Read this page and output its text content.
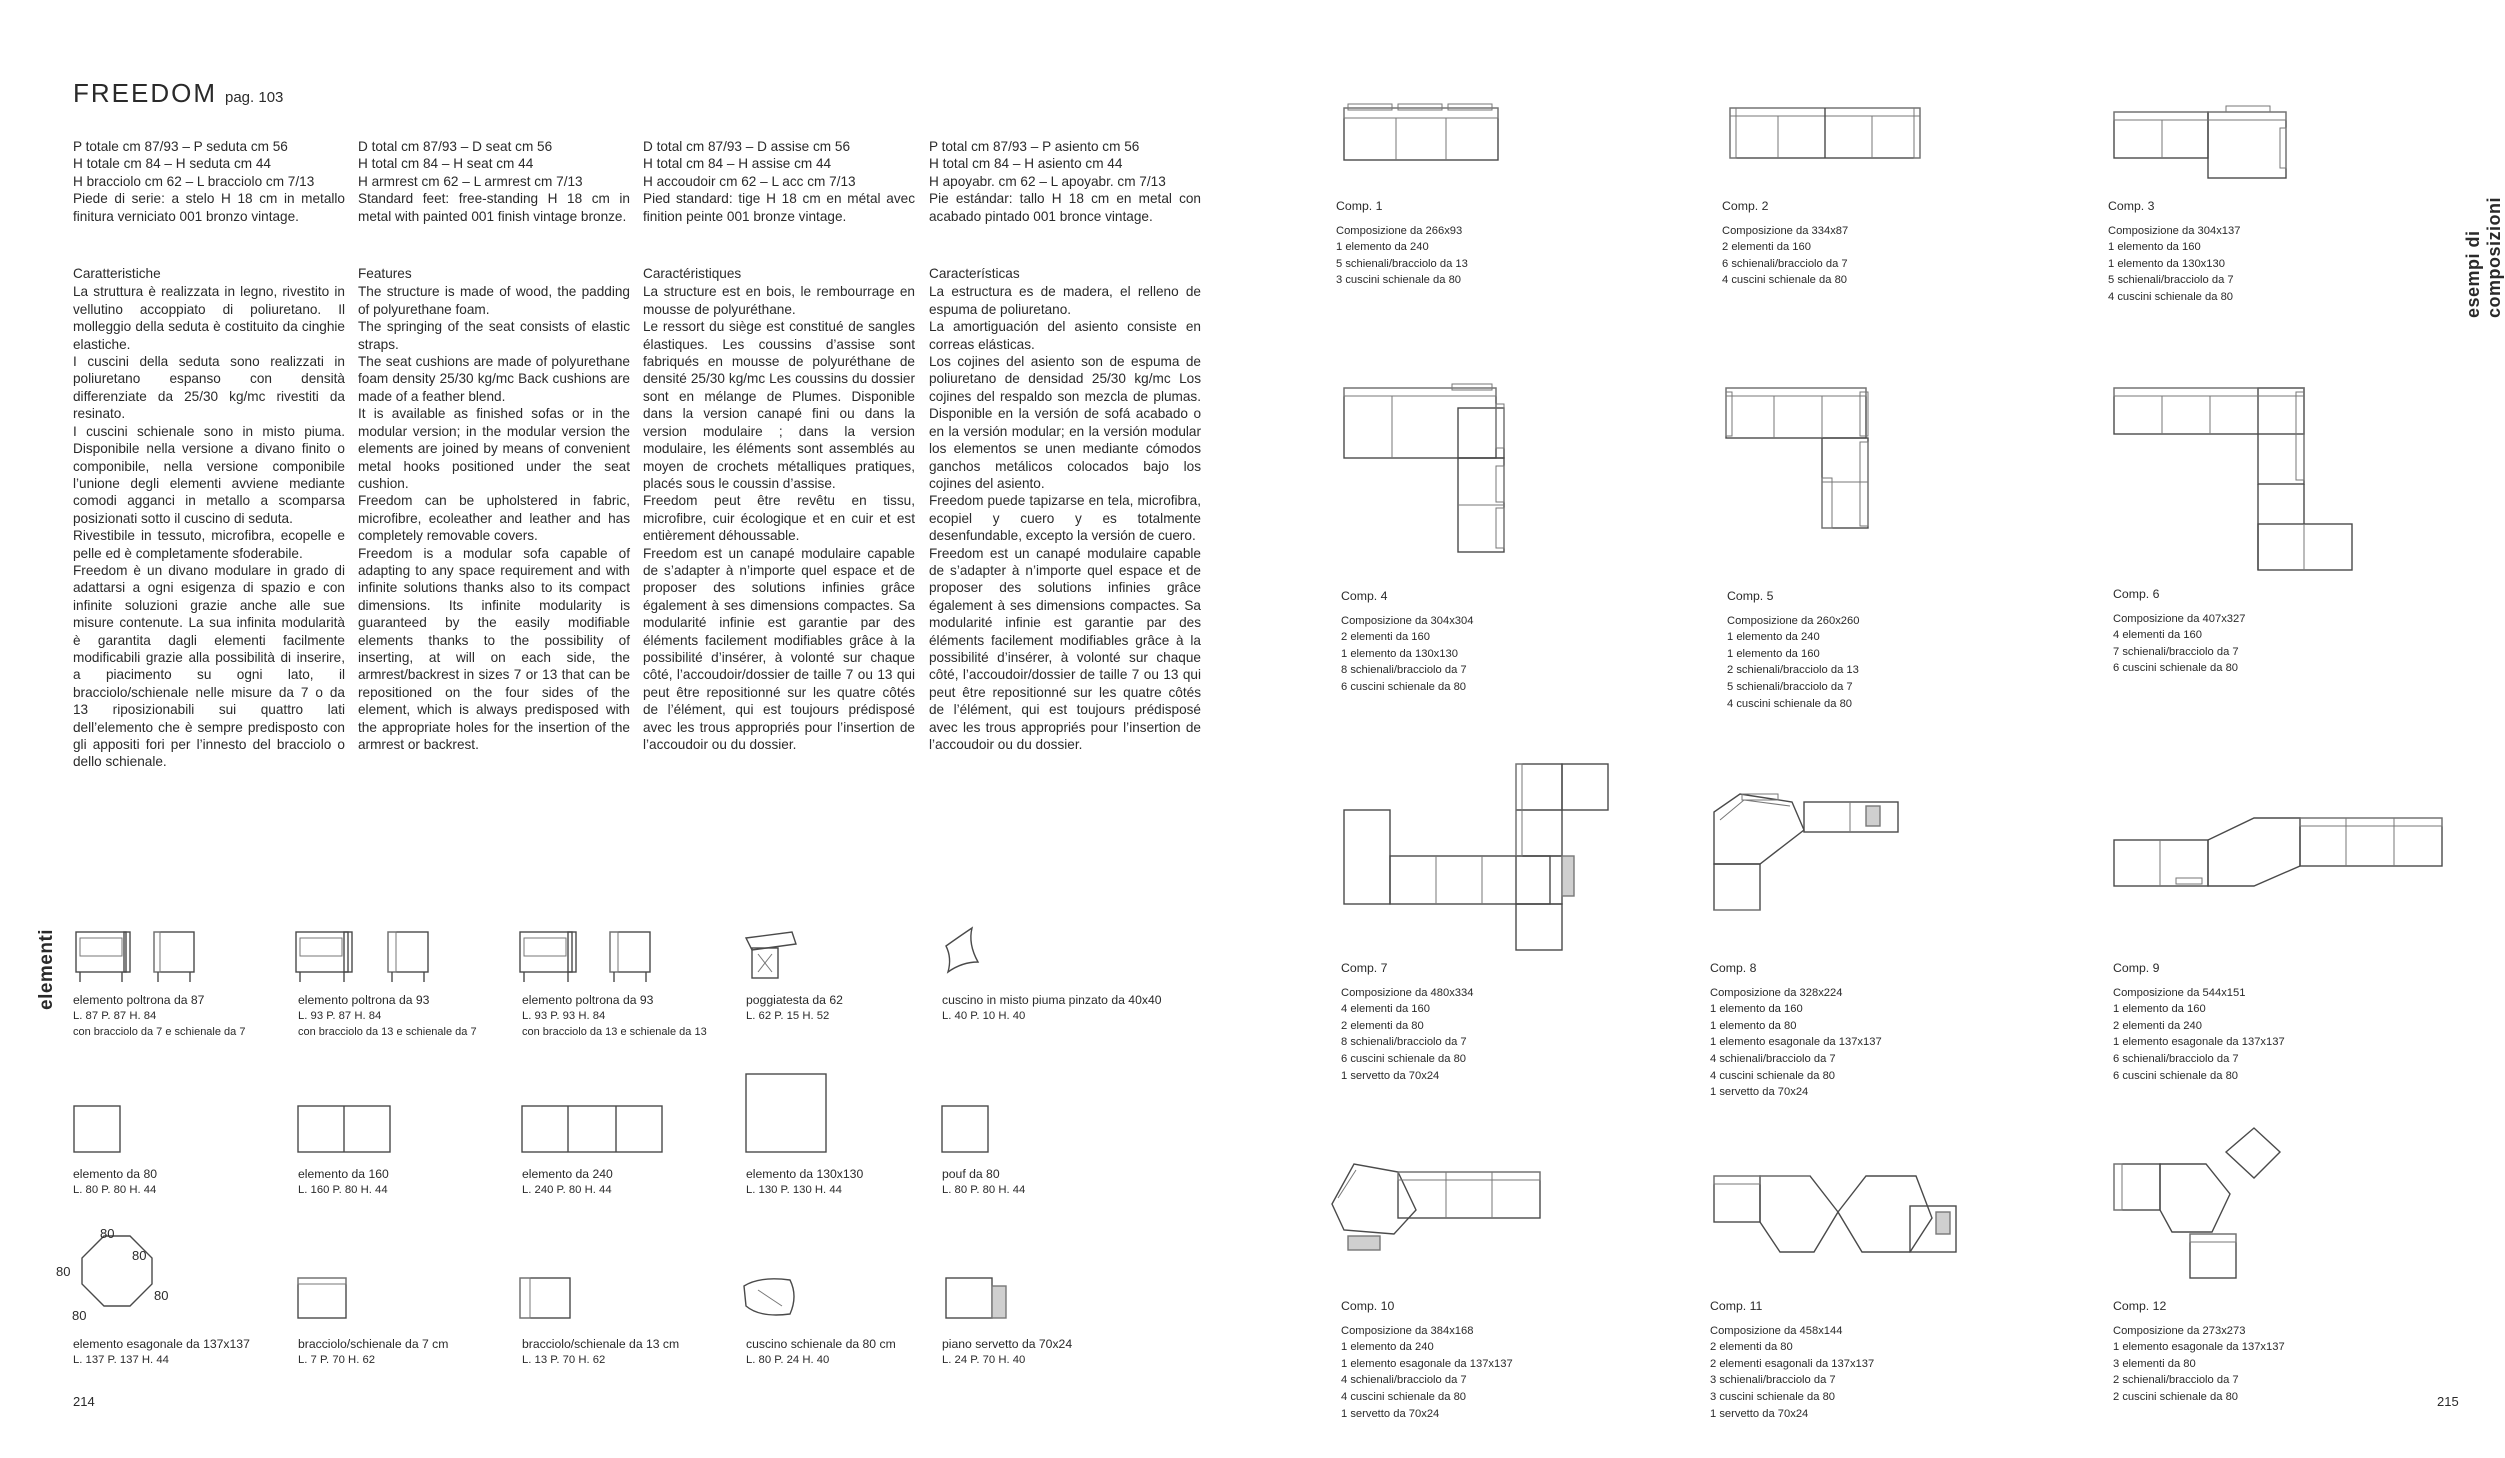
FREEDOM pag. 103
P totale cm 87/93 – P seduta cm 56
H totale cm 84 – H seduta cm 44
H bracciolo cm 62 – L bracciolo cm 7/13
Piede di serie: a stelo H 18 cm in metallo finitura verniciato 001 bronzo vintage.
Caratteristiche
La struttura è realizzata in legno, rivestito in vellutino accoppiato di poliuretano. Il molleggio della seduta è costituito da cinghie elastiche.
I cuscini della seduta sono realizzati in poliuretano espanso con densità differenziate da 25/30 kg/mc rivestiti da resinato.
I cuscini schienale sono in misto piuma. Disponibile nella versione a divano finito o componibile, nella versione componibile l’unione degli elementi avviene mediante comodi agganci in metallo a scomparsa posizionati sotto il cuscino di seduta.
Rivestibile in tessuto, microfibra, ecopelle e pelle ed è completamente sfoderabile.
Freedom è un divano modulare in grado di adattarsi a ogni esigenza di spazio e con infinite soluzioni grazie anche alle sue misure contenute. La sua infinita modularità è garantita dagli elementi facilmente modificabili grazie alla possibilità di inserire, a piacimento su ogni lato, il bracciolo/schienale nelle misure da 7 o da 13 riposizionabili sui quattro lati dell’elemento che è sempre predisposto con gli appositi fori per l’innesto del bracciolo o dello schienale.
D total cm 87/93 – D seat cm 56
H total cm 84 – H seat cm 44
H armrest cm 62 – L armrest cm 7/13
Standard feet: free-standing H 18 cm in metal with painted 001 finish vintage bronze.
Features
The structure is made of wood, the padding of polyurethane foam.
The springing of the seat consists of elastic straps.
The seat cushions are made of polyurethane foam density 25/30 kg/mc Back cushions are made of a feather blend.
It is available as finished sofas or in the modular version; in the modular version the elements are joined by means of convenient metal hooks positioned under the seat cushion.
Freedom can be upholstered in fabric, microfibre, ecoleather and leather and has completely removable covers.
Freedom is a modular sofa capable of adapting to any space requirement and with infinite solutions thanks also to its compact dimensions. Its infinite modularity is guaranteed by the easily modifiable elements thanks to the possibility of inserting, at will on each side, the armrest/backrest in sizes 7 or 13 that can be repositioned on the four sides of the element, which is always predisposed with the appropriate holes for the insertion of the armrest or backrest.
D total cm 87/93 – D assise cm 56
H total cm 84 – H assise cm 44
H accoudoir cm 62 – L acc cm 7/13
Pied standard: tige H 18 cm en métal avec finition peinte 001 bronze vintage.
Caractéristiques
La structure est en bois, le rembourrage en mousse de polyuréthane.
Le ressort du siège est constitué de sangles élastiques. Les coussins d’assise sont fabriqués en mousse de polyuréthane de densité 25/30 kg/mc Les coussins du dossier sont en mélange de Plumes. Disponible dans la version canapé fini ou dans la version modulaire ; dans la version modulaire, les éléments sont assemblés au moyen de crochets métalliques pratiques, placés sous le coussin d’assise.
Freedom peut être revêtu en tissu, microfibre, cuir écologique et en cuir et est entièrement déhoussable.
Freedom est un canapé modulaire capable de s’adapter à n’importe quel espace et de proposer des solutions infinies grâce également à ses dimensions compactes. Sa modularité infinie est garantie par des éléments facilement modifiables grâce à la possibilité d’insérer, à volonté sur chaque côté, l’accoudoir/dossier de taille 7 ou 13 qui peut être repositionné sur les quatre côtés de l’élément, qui est toujours prédisposé avec les trous appropriés pour l’insertion de l’accoudoir ou du dossier.
P total cm 87/93 – P asiento cm 56
H total cm 84 – H asiento cm 44
H apoyabr. cm 62 – L apoyabr. cm 7/13
Pie estándar: tallo H 18 cm en metal con acabado pintado 001 bronce vintage.
Características
La estructura es de madera, el relleno de espuma de poliuretano.
La amortiguación del asiento consiste en correas elásticas.
Los cojines del asiento son de espuma de poliuretano de densidad 25/30 kg/mc Los cojines del respaldo son mezcla de plumas. Disponible en la versión de sofá acabado o en la versión modular; en la versión modular los elementos se unen mediante cómodos ganchos metálicos colocados bajo los cojines del asiento.
Freedom puede tapizarse en tela, microfibra, ecopiel y cuero y es totalmente desenfundable, excepto la versión de cuero.
Freedom est un canapé modulaire capable de s’adapter à n’importe quel espace et de proposer des solutions infinies grâce également à ses dimensions compactes. Sa modularité infinie est garantie par des éléments facilement modifiables grâce à la possibilité d’insérer, à volonté sur chaque côté, l’accoudoir/dossier de taille 7 ou 13 qui peut être repositionné sur les quatre côtés de l’élément, qui est toujours prédisposé avec les trous appropriés pour l’insertion de l’accoudoir ou du dossier.
elementi
esempi di composizioni
80
80
80
80
80
elemento poltrona da 87
L. 87 P. 87 H. 84
con bracciolo da 7 e schienale da 7
elemento poltrona da 93
L. 93 P. 87 H. 84
con bracciolo da 13 e schienale da 7
elemento poltrona da 93
L. 93 P. 93 H. 84
con bracciolo da 13 e schienale da 13
poggiatesta da 62
L. 62 P. 15 H. 52
cuscino in misto piuma pinzato da 40x40
L. 40 P. 10 H. 40
elemento da 80
L. 80 P. 80 H. 44
elemento da 160
L. 160 P. 80 H. 44
elemento da 240
L. 240 P. 80 H. 44
elemento da 130x130
L. 130 P. 130 H. 44
pouf da 80
L. 80 P. 80 H. 44
elemento esagonale da 137x137
L. 137 P. 137 H. 44
bracciolo/schienale da 7 cm
L. 7 P. 70 H. 62
bracciolo/schienale da 13 cm
L. 13 P. 70 H. 62
cuscino schienale da 80 cm
L. 80 P. 24 H. 40
piano servetto da 70x24
L. 24 P. 70 H. 40
214	215
Comp. 1
Composizione da 266x93
1 elemento da 240
5 schienali/bracciolo da 13
3 cuscini schienale da 80
Comp. 2
Composizione da 334x87
2 elementi da 160
6 schienali/bracciolo da 7
4 cuscini schienale da 80
Comp. 3
Composizione da 304x137
1 elemento da 160
1 elemento da 130x130
5 schienali/bracciolo da 7
4 cuscini schienale da 80
Comp. 4
Composizione da 304x304
2 elementi da 160
1 elemento da 130x130
8 schienali/bracciolo da 7
6 cuscini schienale da 80
Comp. 5
Composizione da 260x260
1 elemento da 240
1 elemento da 160
2 schienali/bracciolo da 13
5 schienali/bracciolo da 7
4 cuscini schienale da 80
Comp. 6
Composizione da 407x327
4 elementi da 160
7 schienali/bracciolo da 7
6 cuscini schienale da 80
Comp. 7
Composizione da 480x334
4 elementi da 160
2 elementi da 80
8 schienali/bracciolo da 7
6 cuscini schienale da 80
1 servetto da 70x24
Comp. 8
Composizione da 328x224
1 elemento da 160
1 elemento da 80
1 elemento esagonale da 137x137
4 schienali/bracciolo da 7
4 cuscini schienale da 80
1 servetto da 70x24
Comp. 9
Composizione da 544x151
1 elemento da 160
2 elementi da 240
1 elemento esagonale da 137x137
6 schienali/bracciolo da 7
6 cuscini schienale da 80
Comp. 10
Composizione da 384x168
1 elemento da 240
1 elemento esagonale da 137x137
4 schienali/bracciolo da 7
4 cuscini schienale da 80
1 servetto da 70x24
Comp. 11
Composizione da 458x144
2 elementi da 80
2 elementi esagonali da 137x137
3 schienali/bracciolo da 7
3 cuscini schienale da 80
1 servetto da 70x24
Comp. 12
Composizione da 273x273
1 elemento esagonale da 137x137
3 elementi da 80
2 schienali/bracciolo da 7
2 cuscini schienale da 80
